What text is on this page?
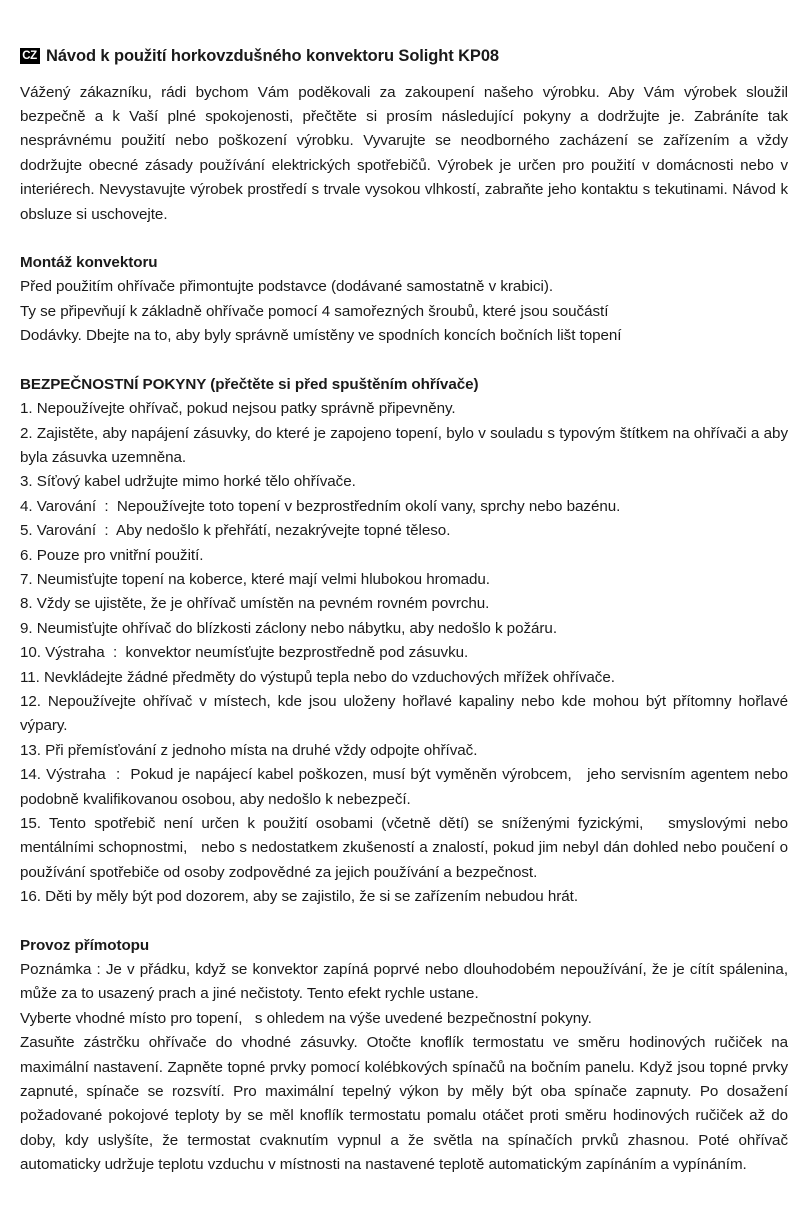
CZ Návod k použití horkovzdušného konvektoru Solight KP08

Vážený zákazníku, rádi bychom Vám poděkovali za zakoupení našeho výrobku. Aby Vám výrobek sloužil bezpečně a k Vaší plné spokojenosti, přečtěte si prosím následující pokyny a dodržujte je. Zabráníte tak nesprávnému použití nebo poškození výrobku. Vyvarujte se neodborného zacházení se zařízením a vždy dodržujte obecné zásady používání elektrických spotřebičů. Výrobek je určen pro použití v domácnosti nebo v interiérech. Nevystavujte výrobek prostředí s trvale vysokou vlhkostí, zabraňte jeho kontaktu s tekutinami. Návod k obsluze si uschovejte.

Montáž konvektoru

Před použitím ohřívače přimontujte podstavce (dodávané samostatně v krabici).

Ty se připevňují k základně ohřívače pomocí 4 samořezných šroubů, které jsou součástí

Dodávky. Dbejte na to, aby byly správně umístěny ve spodních koncích bočních lišt topení

BEZPEČNOSTNÍ POKYNY (přečtěte si před spuštěním ohřívače)
1. Nepoužívejte ohřívač, pokud nejsou patky správně připevněny.
2. Zajistěte, aby napájení zásuvky, do které je zapojeno topení, bylo v souladu s typovým štítkem na ohřívači a aby byla zásuvka uzemněna.
3. Síťový kabel udržujte mimo horké tělo ohřívače.
4. Varování  :  Nepoužívejte toto topení v bezprostředním okolí vany, sprchy nebo bazénu.
5. Varování  :  Aby nedošlo k přehřátí, nezakrývejte topné těleso.
6. Pouze pro vnitřní použití.
7. Neumisťujte topení na koberce, které mají velmi hlubokou hromadu.
8. Vždy se ujistěte, že je ohřívač umístěn na pevném rovném povrchu.
9. Neumisťujte ohřívač do blízkosti záclony nebo nábytku, aby nedošlo k požáru.
10. Výstraha  :  konvektor neumísťujte bezprostředně pod zásuvku.
11. Nevkládejte žádné předměty do výstupů tepla nebo do vzduchových mřížek ohřívače.
12. Nepoužívejte ohřívač v místech, kde jsou uloženy hořlavé kapaliny nebo kde mohou být přítomny hořlavé výpary.
13. Při přemísťování z jednoho místa na druhé vždy odpojte ohřívač.
14. Výstraha  :  Pokud je napájecí kabel poškozen, musí být vyměněn výrobcem,   jeho servisním agentem nebo podobně kvalifikovanou osobou, aby nedošlo k nebezpečí.
15. Tento spotřebič není určen k použití osobami (včetně dětí) se sníženými fyzickými,   smyslovými nebo mentálními schopnostmi,   nebo s nedostatkem zkušeností a znalostí, pokud jim nebyl dán dohled nebo poučení o používání spotřebiče od osoby zodpovědné za jejich používání a bezpečnost.
16. Děti by měly být pod dozorem, aby se zajistilo, že si se zařízením nebudou hrát.
Provoz přímotopu

Poznámka : Je v přádku, když se konvektor zapíná poprvé nebo dlouhodobém nepoužívání, že je cítít spálenina, může za to usazený prach a jiné nečistoty. Tento efekt rychle ustane.

Vyberte vhodné místo pro topení,   s ohledem na výše uvedené bezpečnostní pokyny.

Zasuňte zástrčku ohřívače do vhodné zásuvky. Otočte knoflík termostatu ve směru hodinových ručiček na maximální nastavení. Zapněte topné prvky pomocí kolébkových spínačů na bočním panelu. Když jsou topné prvky zapnuté, spínače se rozsvítí. Pro maximální tepelný výkon by měly být oba spínače zapnuty. Po dosažení požadované pokojové teploty by se měl knoflík termostatu pomalu otáčet proti směru hodinových ručiček až do doby, kdy uslyšíte, že termostat cvaknutím vypnul a že světla na spínačích prvků zhasnou. Poté ohřívač automaticky udržuje teplotu vzduchu v místnosti na nastavené teplotě automatickým zapínáním a vypínáním.
